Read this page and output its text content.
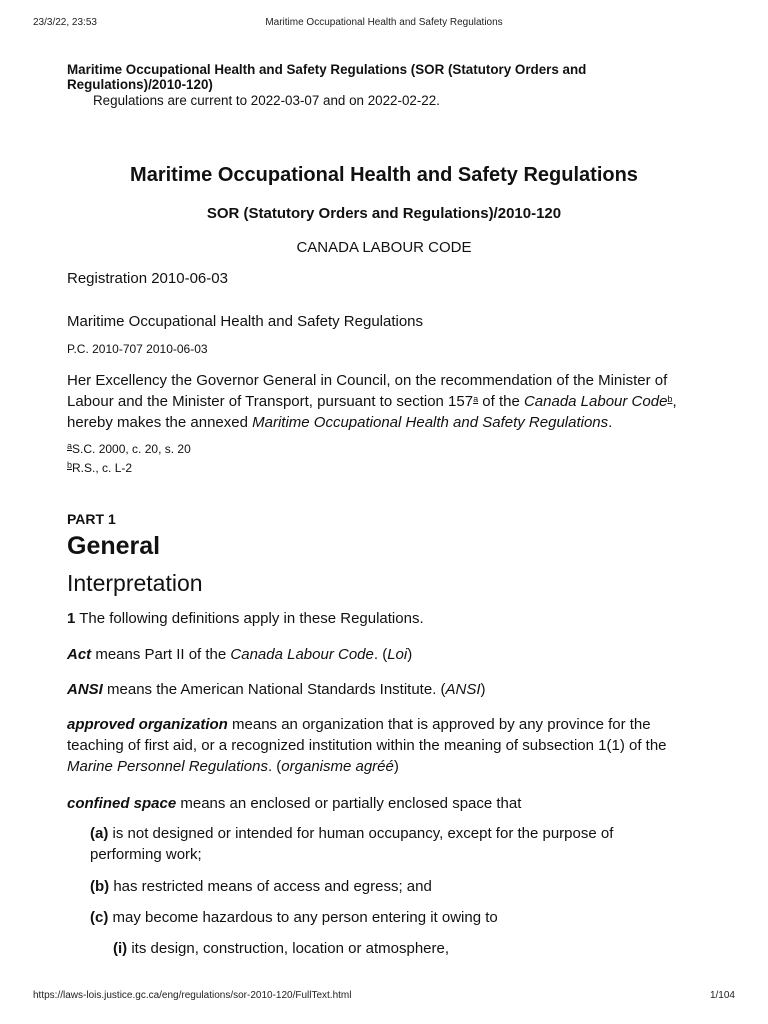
23/3/22, 23:53	Maritime Occupational Health and Safety Regulations
Maritime Occupational Health and Safety Regulations (SOR (Statutory Orders and Regulations)/2010-120)
Regulations are current to 2022-03-07 and on 2022-02-22.
Maritime Occupational Health and Safety Regulations
SOR (Statutory Orders and Regulations)/2010-120
CANADA LABOUR CODE
Registration 2010-06-03
Maritime Occupational Health and Safety Regulations
P.C. 2010-707 2010-06-03
Her Excellency the Governor General in Council, on the recommendation of the Minister of Labour and the Minister of Transport, pursuant to section 157$^a$ of the Canada Labour Code$^b$, hereby makes the annexed Maritime Occupational Health and Safety Regulations.
$^a$S.C. 2000, c. 20, s. 20
$^b$R.S., c. L-2
PART 1
General
Interpretation
1 The following definitions apply in these Regulations.
Act means Part II of the Canada Labour Code. (Loi)
ANSI means the American National Standards Institute. (ANSI)
approved organization means an organization that is approved by any province for the teaching of first aid, or a recognized institution within the meaning of subsection 1(1) of the Marine Personnel Regulations. (organisme agréé)
confined space means an enclosed or partially enclosed space that
(a) is not designed or intended for human occupancy, except for the purpose of performing work;
(b) has restricted means of access and egress; and
(c) may become hazardous to any person entering it owing to
(i) its design, construction, location or atmosphere,
https://laws-lois.justice.gc.ca/eng/regulations/sor-2010-120/FullText.html	1/104
